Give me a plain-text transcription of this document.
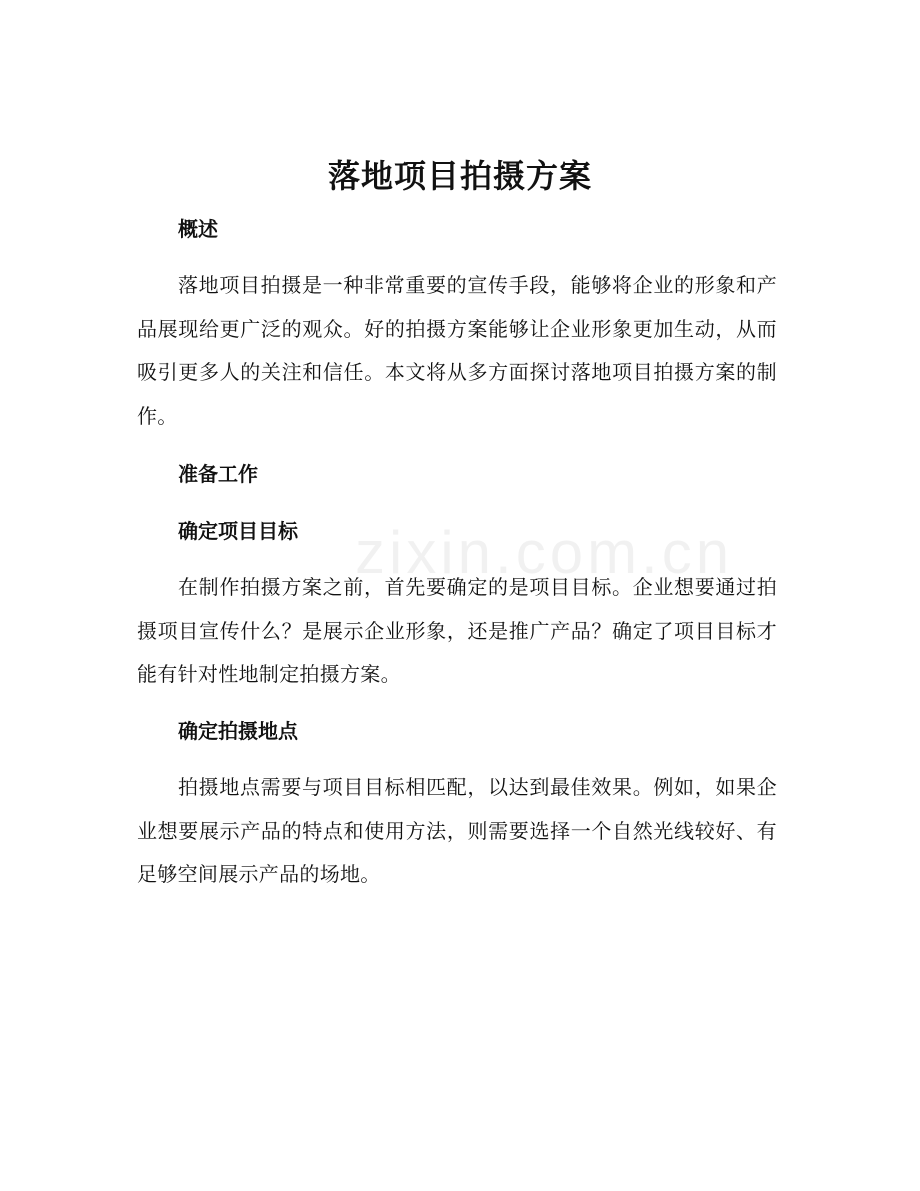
zixin.com.cn
落地项目拍摄方案
概述

落地项目拍摄是一种非常重要的宣传手段，能够将企业的形象和产品展现给更广泛的观众。好的拍摄方案能够让企业形象更加生动，从而吸引更多人的关注和信任。本文将从多方面探讨落地项目拍摄方案的制作。

准备工作
确定项目目标

在制作拍摄方案之前，首先要确定的是项目目标。企业想要通过拍摄项目宣传什么？是展示企业形象，还是推广产品？确定了项目目标才能有针对性地制定拍摄方案。

确定拍摄地点

拍摄地点需要与项目目标相匹配，以达到最佳效果。例如，如果企业想要展示产品的特点和使用方法，则需要选择一个自然光线较好、有足够空间展示产品的场地。
